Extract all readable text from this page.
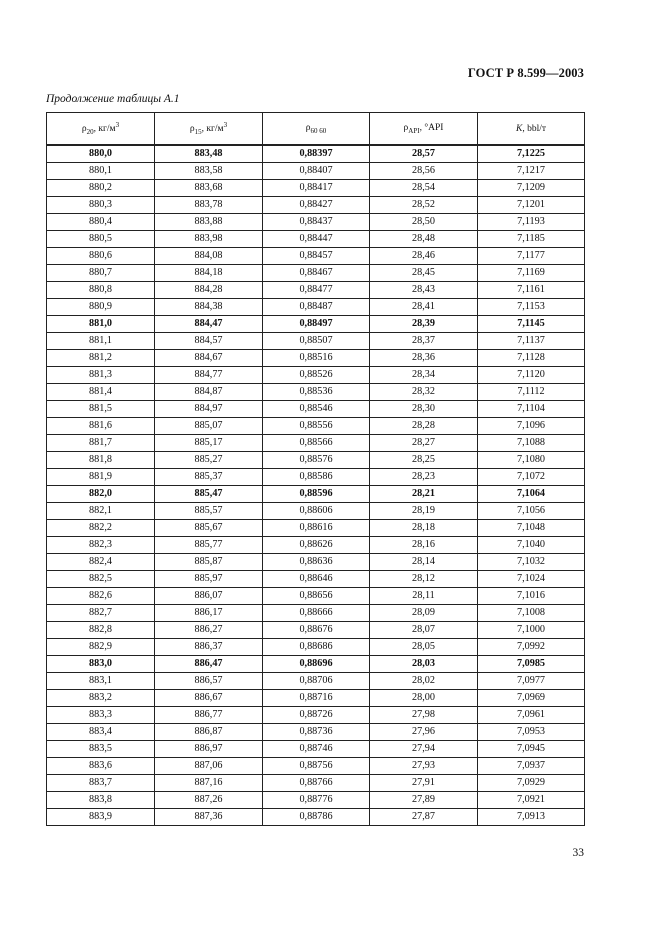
ГОСТ Р 8.599—2003
Продолжение таблицы А.1
$\rho_{20}$, $кг/м^3$	$\rho_{15}$, $кг/м^3$	$\rho_{60 60}$	$\rho_{API}$, °API	K, bbl/т
880,0	883,48	0,88397	28,57	7,1225
880,1	883,58	0,88407	28,56	7,1217
880,2	883,68	0,88417	28,54	7,1209
880,3	883,78	0,88427	28,52	7,1201
880,4	883,88	0,88437	28,50	7,1193
880,5	883,98	0,88447	28,48	7,1185
880,6	884,08	0,88457	28,46	7,1177
880,7	884,18	0,88467	28,45	7,1169
880,8	884,28	0,88477	28,43	7,1161
880,9	884,38	0,88487	28,41	7,1153
881,0	884,47	0,88497	28,39	7,1145
881,1	884,57	0,88507	28,37	7,1137
881,2	884,67	0,88516	28,36	7,1128
881,3	884,77	0,88526	28,34	7,1120
881,4	884,87	0,88536	28,32	7,1112
881,5	884,97	0,88546	28,30	7,1104
881,6	885,07	0,88556	28,28	7,1096
881,7	885,17	0,88566	28,27	7,1088
881,8	885,27	0,88576	28,25	7,1080
881,9	885,37	0,88586	28,23	7,1072
882,0	885,47	0,88596	28,21	7,1064
882,1	885,57	0,88606	28,19	7,1056
882,2	885,67	0,88616	28,18	7,1048
882,3	885,77	0,88626	28,16	7,1040
882,4	885,87	0,88636	28,14	7,1032
882,5	885,97	0,88646	28,12	7,1024
882,6	886,07	0,88656	28,11	7,1016
882,7	886,17	0,88666	28,09	7,1008
882,8	886,27	0,88676	28,07	7,1000
882,9	886,37	0,88686	28,05	7,0992
883,0	886,47	0,88696	28,03	7,0985
883,1	886,57	0,88706	28,02	7,0977
883,2	886,67	0,88716	28,00	7,0969
883,3	886,77	0,88726	27,98	7,0961
883,4	886,87	0,88736	27,96	7,0953
883,5	886,97	0,88746	27,94	7,0945
883,6	887,06	0,88756	27,93	7,0937
883,7	887,16	0,88766	27,91	7,0929
883,8	887,26	0,88776	27,89	7,0921
883,9	887,36	0,88786	27,87	7,0913
33
